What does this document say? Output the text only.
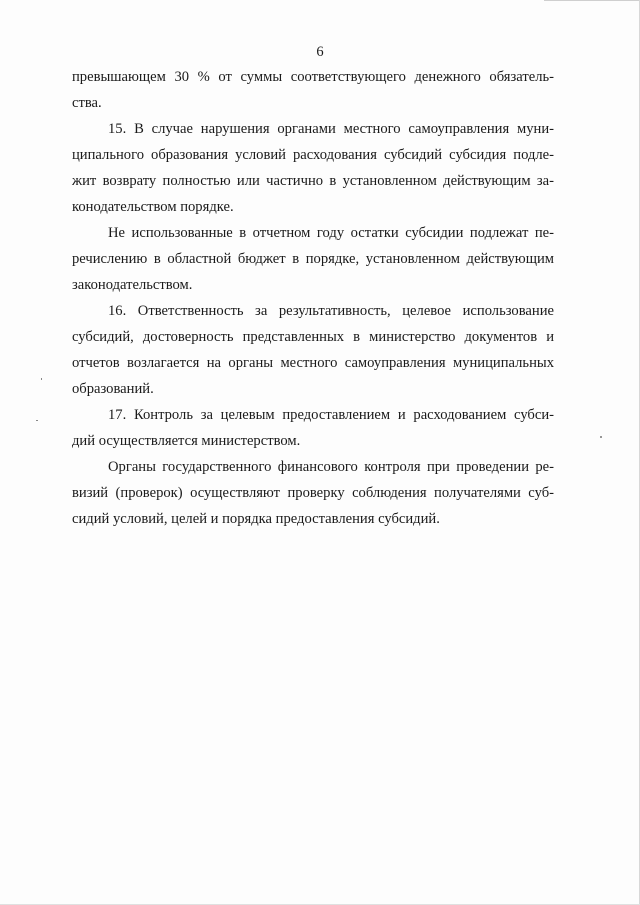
6
превышающем 30 % от суммы соответствующего денежного обязатель-
ства.
15. В случае нарушения органами местного самоуправления муни-
ципального образования условий расходования субсидий субсидия подле-
жит возврату полностью или частично в установленном действующим за-
конодательством порядке.
Не использованные в отчетном году остатки субсидии подлежат пе-
речислению в областной бюджет в порядке, установленном действующим
законодательством.
16. Ответственность за результативность, целевое использование
субсидий, достоверность представленных в министерство документов и
отчетов возлагается на органы местного самоуправления муниципальных
образований.
17. Контроль за целевым предоставлением и расходованием субси-
дий осуществляется министерством.
Органы государственного финансового контроля при проведении ре-
визий (проверок) осуществляют проверку соблюдения получателями суб-
сидий условий, целей и порядка предоставления субсидий.
